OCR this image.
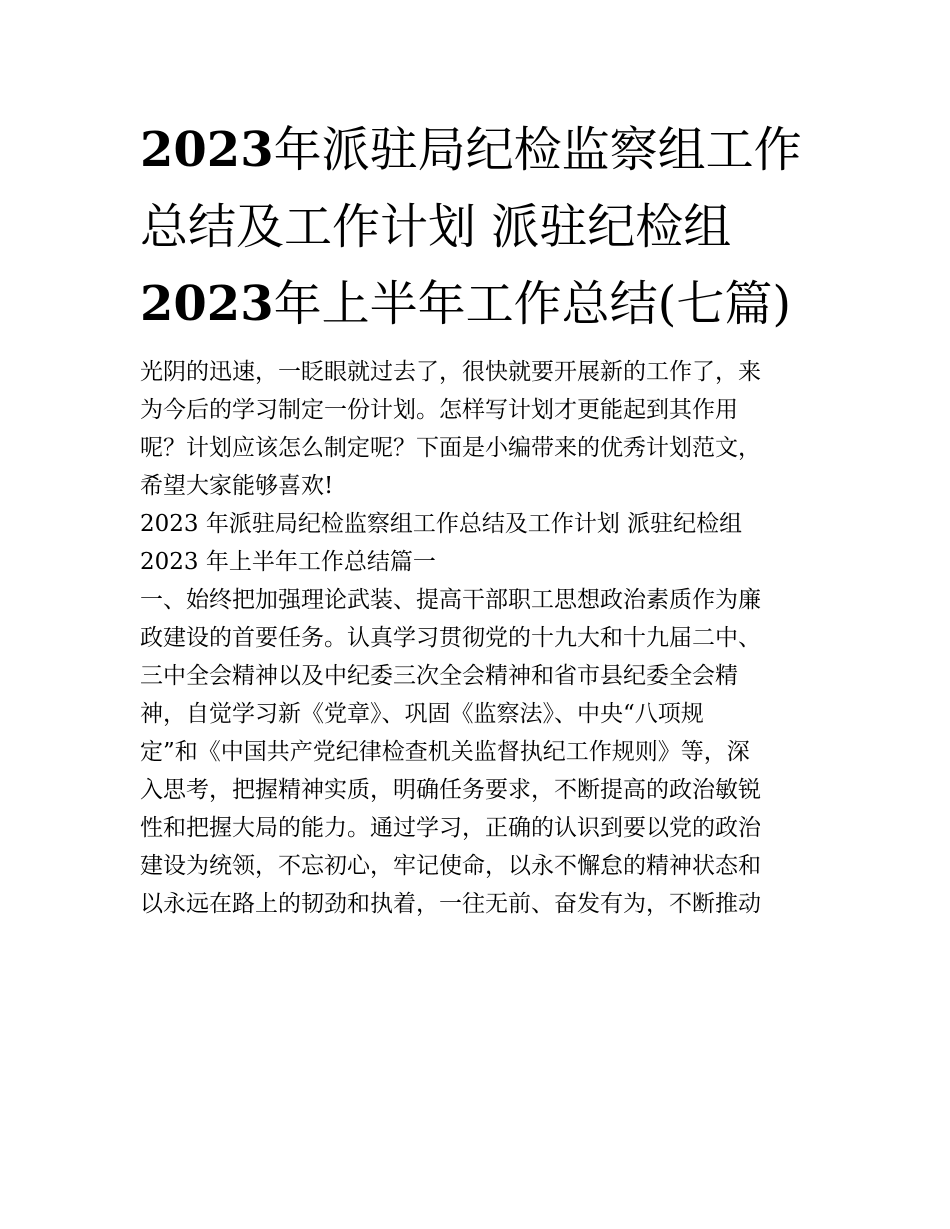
2023年派驻局纪检监察组工作
总结及工作计划 派驻纪检组
2023年上半年工作总结(七篇)

光阴的迅速，一眨眼就过去了，很快就要开展新的工作了，来
为今后的学习制定一份计划。怎样写计划才更能起到其作用
呢？计划应该怎么制定呢？下面是小编带来的优秀计划范文，
希望大家能够喜欢!

2023 年派驻局纪检监察组工作总结及工作计划 派驻纪检组
2023 年上半年工作总结篇一

一、始终把加强理论武装、提高干部职工思想政治素质作为廉
政建设的首要任务。认真学习贯彻党的十九大和十九届二中、
三中全会精神以及中纪委三次全会精神和省市县纪委全会精
神，自觉学习新《党章》、巩固《监察法》、中央“八项规
定”和《中国共产党纪律检查机关监督执纪工作规则》等，深
入思考，把握精神实质，明确任务要求，不断提高的政治敏锐
性和把握大局的能力。通过学习，正确的认识到要以党的政治
建设为统领，不忘初心，牢记使命，以永不懈怠的精神状态和
以永远在路上的韧劲和执着，一往无前、奋发有为，不断推动
